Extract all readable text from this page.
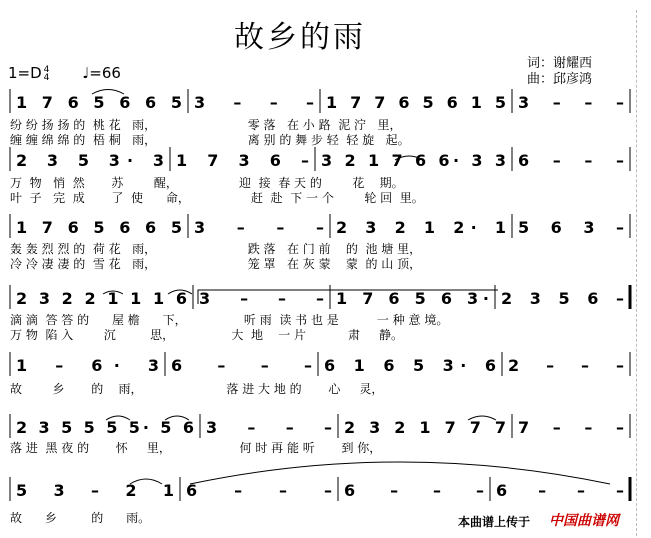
故乡的雨
词：谢耀西
曲：邱彦鸿
1=D 4
4 ♩=66
1 7 6 5 6 6 5 3 – – – 1 7 7 6 5 6 1 5 3 – – –
2 3 5 3· 3 1 7 3 6 – 3 2 1 7 6 6· 3 3 6 – – –
1 7 6 5 6 6 5 3 – – – 2 3 2 1 2· 1 5 6 3 –
2 3 2 2 1 1 1 6 3 – – – 1 7 6 5 6 3· 2 3 5 6 –
1 – 6· 3 6 – – – 6 1 6 5 3· 6 2 – – –
2 3 5 5 5 5· 5 6 3 – – – 2 3 2 1 7 7 7 7 – – –
5 3 – 2 1 6 – – – 6 – – – 6 – – –
纷 纷 扬 扬 的  桃 花   雨，                        零 落   在 小 路  泥 泞   里，
缠 缠 绵 绵 的  梧 桐   雨，                        离 别 的 舞 步 轻  轻 旋   起。
万  物   悄  然       苏        醒，                迎  接  春 天 的        花    期。
叶  子   完  成       了  使      命，                赶  赴  下 一 个        轮 回  里。
轰 轰 烈 烈 的  荷 花   雨，                        跌 落   在 门 前    的  池 塘 里，
冷 冷 凄 凄 的  雪 花   雨，                        笼 罩   在 灰 蒙    蒙  的 山 顶，
滴 滴  答 答 的      屋 檐      下，               听 雨  读 书 也 是          一 种 意 境。
万 物  陷 入        沉         思，               大  地    一 片           肃     静。
故        乡       的    雨，                      落 进 大 地 的       心     灵，
落 进  黑 夜 的       怀     里，                  何 时 再 能 听       到 你，
故      乡         的      雨。	本曲谱上传于 中国曲谱网
